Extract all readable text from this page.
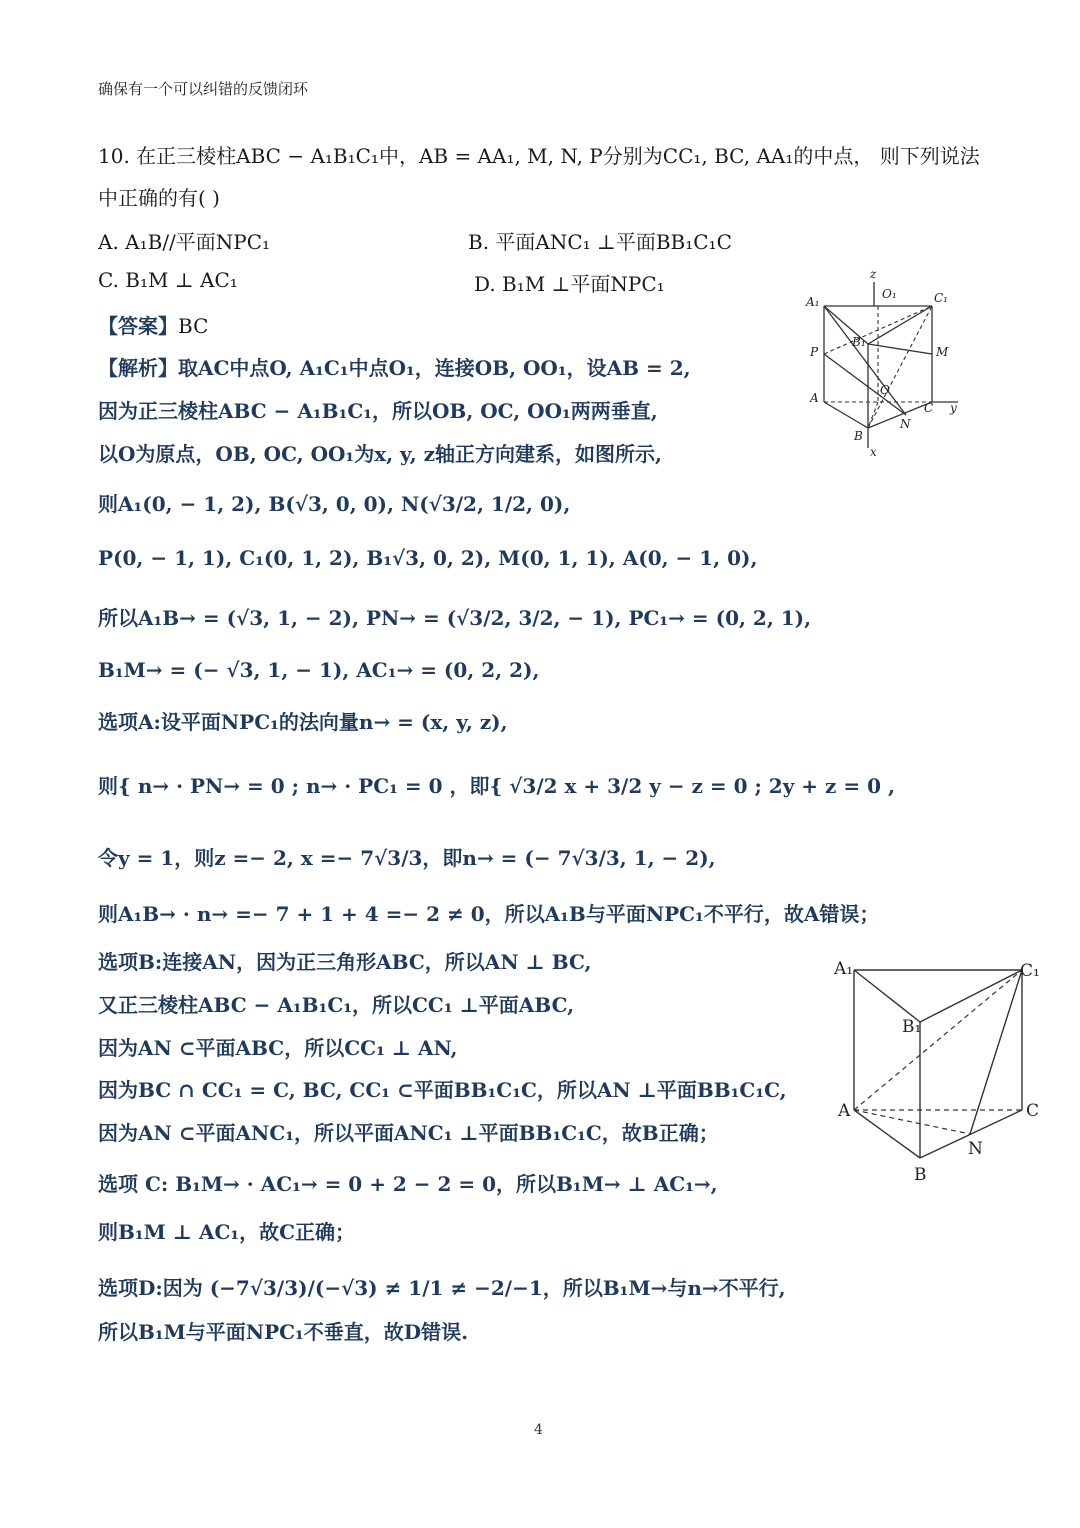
确保有一个可以纠错的反馈闭环
10. 在正三棱柱ABC − A₁B₁C₁中，AB = AA₁, M, N, P分别为CC₁, BC, AA₁的中点， 则下列说法
中正确的有( )
A. A₁B//平面NPC₁	B. 平面ANC₁ ⊥平面BB₁C₁C
C. B₁M ⊥ AC₁	D. B₁M ⊥平面NPC₁
【答案】BC
【解析】取AC中点O, A₁C₁中点O₁，连接OB, OO₁，设AB = 2,
因为正三棱柱ABC − A₁B₁C₁，所以OB, OC, OO₁两两垂直,
以O为原点，OB, OC, OO₁为x, y, z轴正方向建系，如图所示,
则A₁(0, − 1, 2), B(√3, 0, 0), N(√3/2, 1/2, 0),
P(0, − 1, 1), C₁(0, 1, 2), B₁√3, 0, 2), M(0, 1, 1), A(0, − 1, 0),
所以A₁B→ = (√3, 1, − 2), PN→ = (√3/2, 3/2, − 1), PC₁→ = (0, 2, 1),
B₁M→ = (− √3, 1, − 1), AC₁→ = (0, 2, 2),
选项A:设平面NPC₁的法向量n→ = (x, y, z),
则{ n→ · PN→ = 0 ; n→ · PC₁ = 0 ，即{ √3/2 x + 3/2 y − z = 0 ; 2y + z = 0 ,
令y = 1，则z =− 2, x =− 7√3/3，即n→ = (− 7√3/3, 1, − 2),
则A₁B→ · n→ =− 7 + 1 + 4 =− 2 ≠ 0，所以A₁B与平面NPC₁不平行，故A错误；
选项B:连接AN，因为正三角形ABC，所以AN ⊥ BC,
又正三棱柱ABC − A₁B₁C₁，所以CC₁ ⊥平面ABC,
因为AN ⊂平面ABC，所以CC₁ ⊥ AN,
因为BC ∩ CC₁ = C, BC, CC₁ ⊂平面BB₁C₁C，所以AN ⊥平面BB₁C₁C,
因为AN ⊂平面ANC₁，所以平面ANC₁ ⊥平面BB₁C₁C，故B正确；
选项 C: B₁M→ · AC₁→ = 0 + 2 − 2 = 0，所以B₁M→ ⊥ AC₁→,
则B₁M ⊥ AC₁，故C正确；
选项D:因为 (−7√3/3)/(−√3) ≠ 1/1 ≠ −2/−1，所以B₁M→与n→不平行,
所以B₁M与平面NPC₁不垂直，故D错误.
z
O₁
A₁	C₁
B₁
P	M
O
A
C y
B
N
x
A₁	C₁
B₁
A	C
N
B
4
